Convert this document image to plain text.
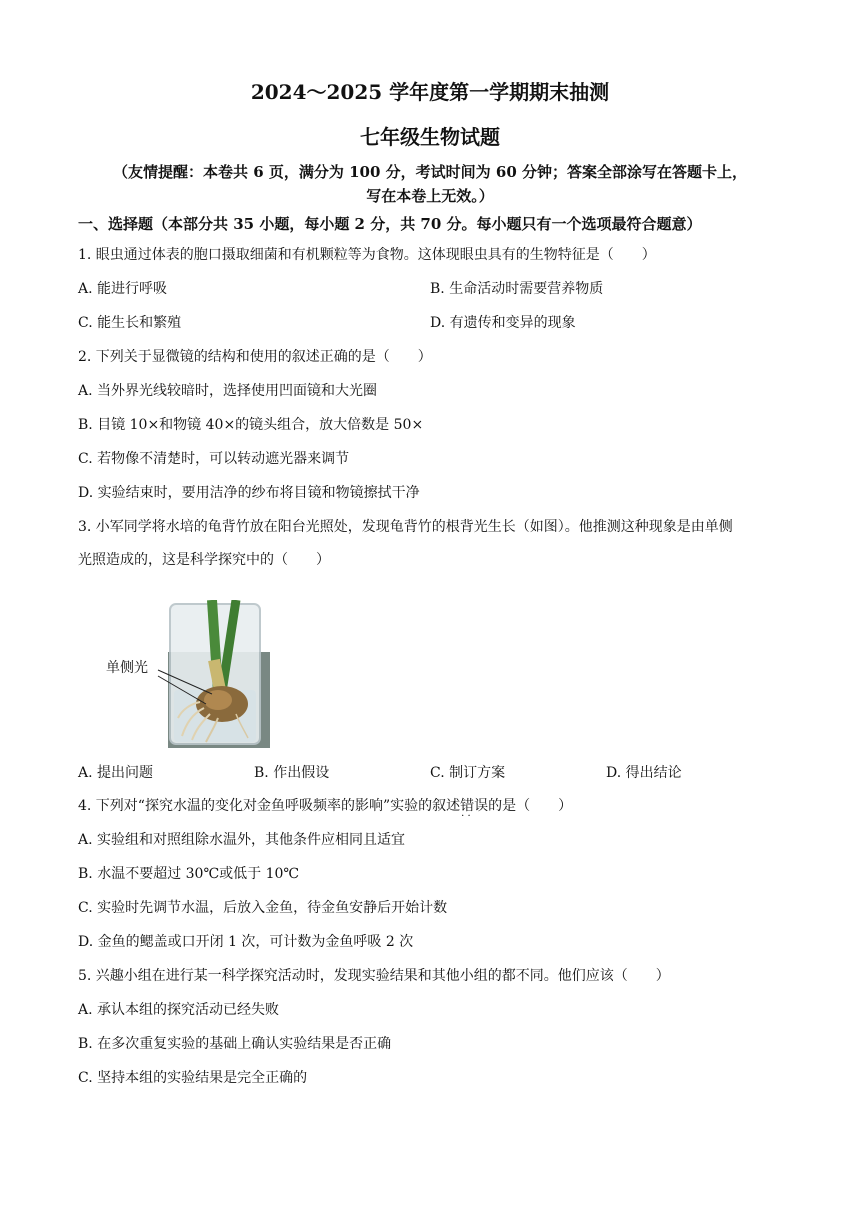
2024～2025 学年度第一学期期末抽测
七年级生物试题
（友情提醒：本卷共 6 页，满分为 100 分，考试时间为 60 分钟；答案全部涂写在答题卡上，
写在本卷上无效。）
一、选择题（本部分共 35 小题，每小题 2 分，共 70 分。每小题只有一个选项最符合题意）
1. 眼虫通过体表的胞口摄取细菌和有机颗粒等为食物。这体现眼虫具有的生物特征是（　　）
A. 能进行呼吸	B. 生命活动时需要营养物质
C. 能生长和繁殖	D. 有遗传和变异的现象
2. 下列关于显微镜的结构和使用的叙述正确的是（　　）
A. 当外界光线较暗时，选择使用凹面镜和大光圈
B. 目镜 10×和物镜 40×的镜头组合，放大倍数是 50×
C. 若物像不清楚时，可以转动遮光器来调节
D. 实验结束时，要用洁净的纱布将目镜和物镜擦拭干净
3. 小军同学将水培的龟背竹放在阳台光照处，发现龟背竹的根背光生长（如图）。他推测这种现象是由单侧
光照造成的，这是科学探究中的（　　）
单侧光
A. 提出问题	B. 作出假设	C. 制订方案	D. 得出结论
4. 下列对“探究水温的变化对金鱼呼吸频率的影响”实验的叙述错误 · ·的是（　　）
A. 实验组和对照组除水温外，其他条件应相同且适宜
B. 水温不要超过 30℃或低于 10℃
C. 实验时先调节水温，后放入金鱼，待金鱼安静后开始计数
D. 金鱼的鳃盖或口开闭 1 次，可计数为金鱼呼吸 2 次
5. 兴趣小组在进行某一科学探究活动时，发现实验结果和其他小组的都不同。他们应该（　　）
A. 承认本组的探究活动已经失败
B. 在多次重复实验的基础上确认实验结果是否正确
C. 坚持本组的实验结果是完全正确的
